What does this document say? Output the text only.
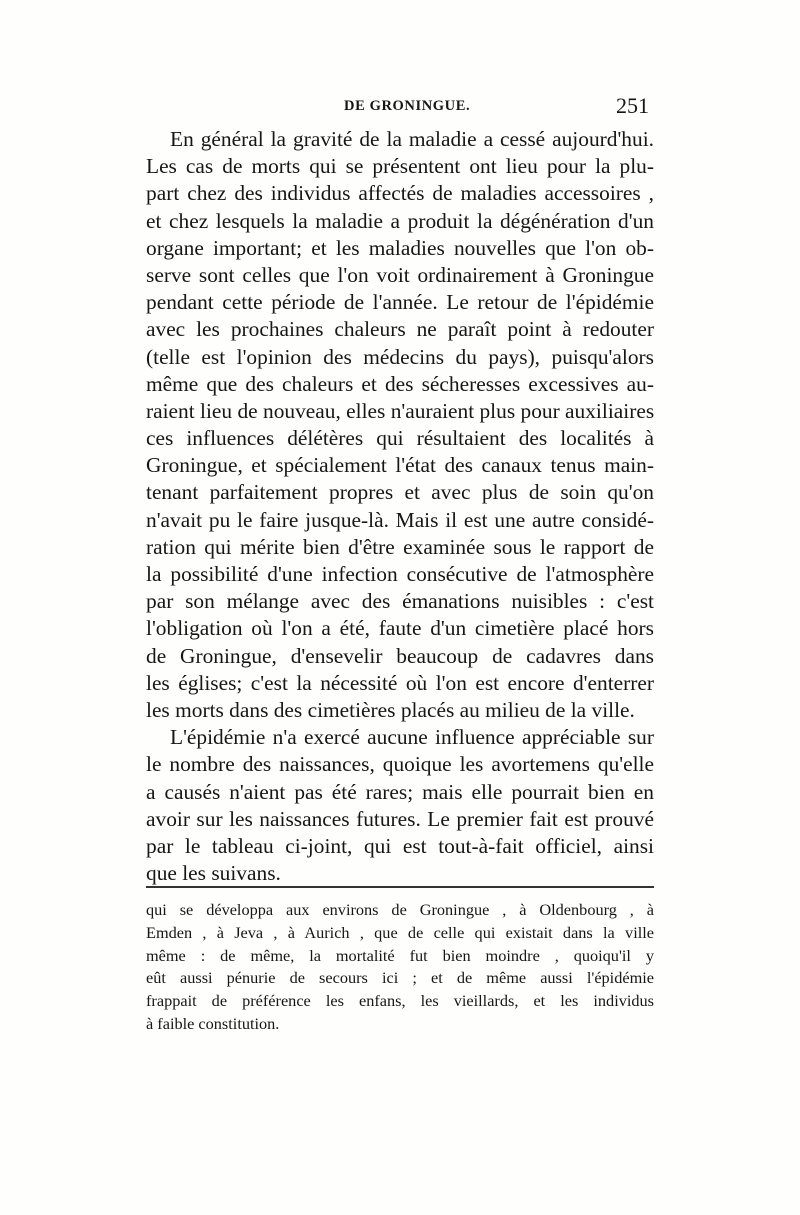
DE GRONINGUE.	251
En général la gravité de la maladie a cessé aujourd'hui.
Les cas de morts qui se présentent ont lieu pour la plu-
part chez des individus affectés de maladies accessoires ,
et chez lesquels la maladie a produit la dégénération d'un
organe important; et les maladies nouvelles que l'on ob-
serve sont celles que l'on voit ordinairement à Groningue
pendant cette période de l'année. Le retour de l'épidémie
avec les prochaines chaleurs ne paraît point à redouter
(telle est l'opinion des médecins du pays), puisqu'alors
même que des chaleurs et des sécheresses excessives au-
raient lieu de nouveau, elles n'auraient plus pour auxiliaires
ces influences délétères qui résultaient des localités à
Groningue, et spécialement l'état des canaux tenus main-
tenant parfaitement propres et avec plus de soin qu'on
n'avait pu le faire jusque-là. Mais il est une autre considé-
ration qui mérite bien d'être examinée sous le rapport de
la possibilité d'une infection consécutive de l'atmosphère
par son mélange avec des émanations nuisibles : c'est
l'obligation où l'on a été, faute d'un cimetière placé hors
de Groningue, d'ensevelir beaucoup de cadavres dans
les églises; c'est la nécessité où l'on est encore d'enterrer
les morts dans des cimetières placés au milieu de la ville.
L'épidémie n'a exercé aucune influence appréciable sur
le nombre des naissances, quoique les avortemens qu'elle
a causés n'aient pas été rares; mais elle pourrait bien en
avoir sur les naissances futures. Le premier fait est prouvé
par le tableau ci-joint, qui est tout-à-fait officiel, ainsi
que les suivans.
qui se développa aux environs de Groningue , à Oldenbourg , à
Emden , à Jeva , à Aurich , que de celle qui existait dans la ville
même : de même, la mortalité fut bien moindre , quoiqu'il y
eût aussi pénurie de secours ici ; et de même aussi l'épidémie
frappait de préférence les enfans, les vieillards, et les individus
à faible constitution.
